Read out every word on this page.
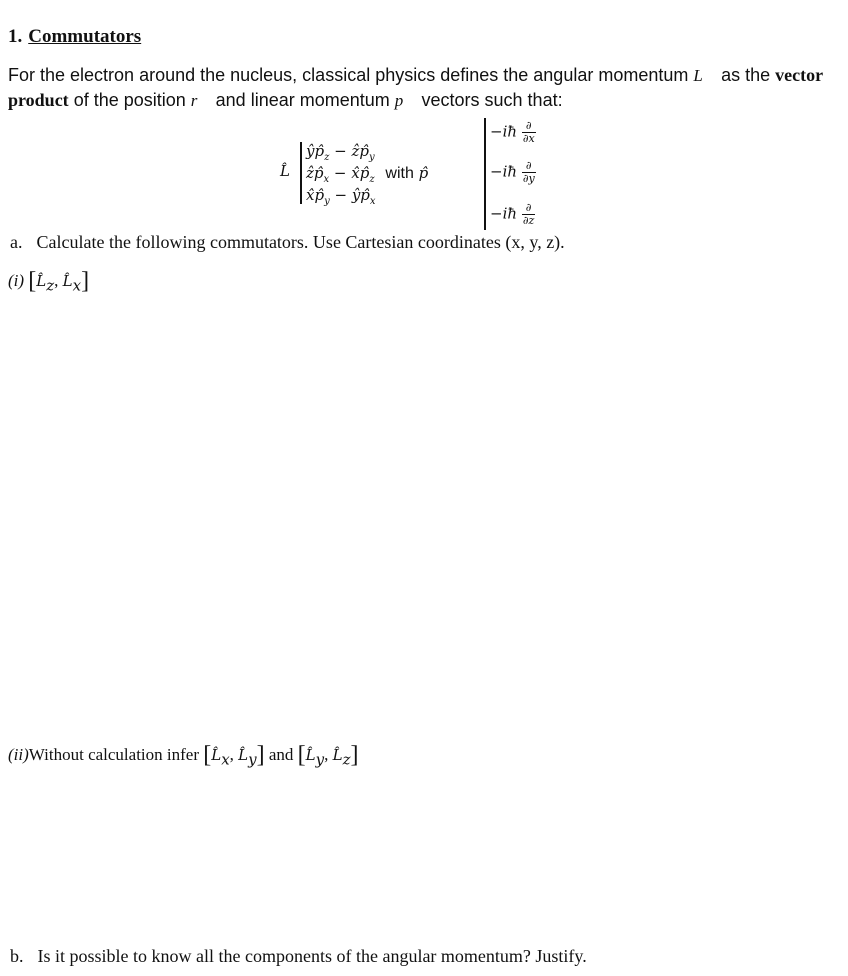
1. Commutators
For the electron around the nucleus, classical physics defines the angular momentum L⃗ as the vector product of the position r⃗ and linear momentum p⃗ vectors such that:
L̂
$ŷp̂_z$ − $ẑp̂_y$
$ẑp̂_x$ − $x̂p̂_z$ with p̂
$x̂p̂_y$ − $ŷp̂_x$
−iħ $\frac{\partial}{\partial x}$
−iħ $\frac{\partial}{\partial y}$
−iħ $\frac{\partial}{\partial z}$
a. Calculate the following commutators. Use Cartesian coordinates (x, y, z).
(i) [$L̂_z$, $L̂_x$]
(ii)Without calculation infer [$L̂_x$, $L̂_y$] and [$L̂_y$, $L̂_z$]
b. Is it possible to know all the components of the angular momentum? Justify.
